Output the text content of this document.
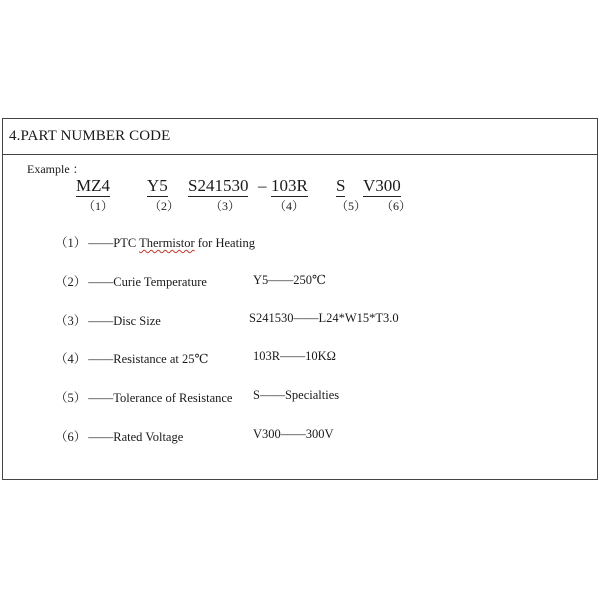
4.PART NUMBER CODE
Example ：
MZ4 Y5 S241530 – 103R S V300
（1）	（2）	（3）	（4）	（5） （6）
（1） ——PTC Thermistor for Heating
（2） ——Curie Temperature	Y5——250℃
（3） ——Disc Size	S241530——L24*W15*T3.0
（4） ——Resistance at 25℃	103R——10KΩ
（5） ——Tolerance of Resistance S——Specialties
（6） ——Rated Voltage	V300——300V
